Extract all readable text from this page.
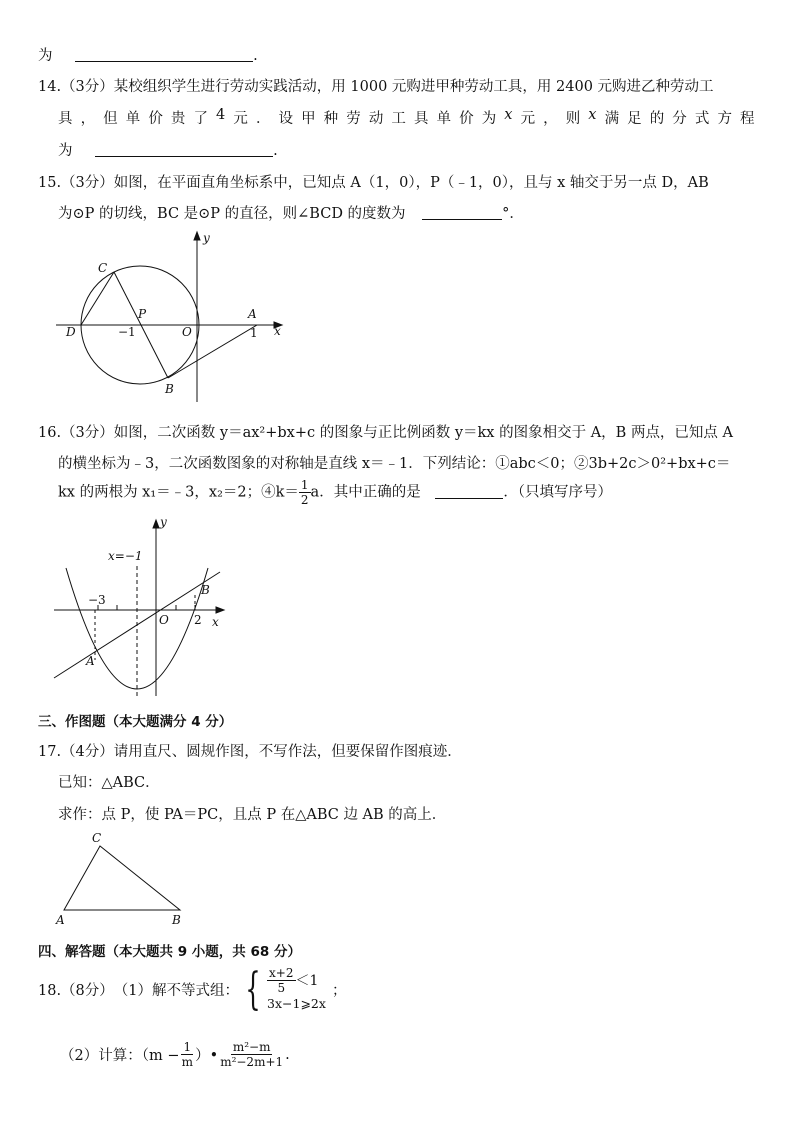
为	.
14.（3分）某校组织学生进行劳动实践活动，用 1000 元购进甲种劳动工具，用 2400 元购进乙种劳动工
具 ， 但 单 价 贵 了 4 元 ． 设 甲 种 劳 动 工 具 单 价 为 x 元 ， 则 x 满 足 的 分 式 方 程
为	.
15.（3分）如图，在平面直角坐标系中，已知点 A（1，0），P（﹣1，0），且与 x 轴交于另一点 D，AB
为⊙P 的切线，BC 是⊙P 的直径，则∠BCD 的度数为	°．
y
x
C
P	A
D	O
B
−1	1
16.（3分）如图，二次函数 y＝ax²+bx+c 的图象与正比例函数 y＝kx 的图象相交于 A，B 两点，已知点 A
的横坐标为﹣3，二次函数图象的对称轴是直线 x＝﹣1．下列结论：①abc＜0；②3b+2c＞0²+bx+c＝
kx 的两根为 x₁＝﹣3，x₂＝2；④k＝ $\frac{1}{2}$ a．其中正确的是	．（只填写序号）
y
x=−1
−3
B
O 2 x
A
三、作图题（本大题满分 4 分）
17.（4分）请用直尺、圆规作图，不写作法，但要保留作图痕迹．
已知：△ABC．
求作：点 P，使 PA＝PC，且点 P 在△ABC 边 AB 的高上．
C
A	B
四、解答题（本大题共 9 小题，共 68 分）
18.（8分） （1）解不等式组： { $\frac{x+2}{5} <1$
3x−1⩾2x
；
（2）计算：（$m - \frac{1}{m}$ ）• $\frac{\text{m²−m}}{\text{m²−2m+1}}$ .
